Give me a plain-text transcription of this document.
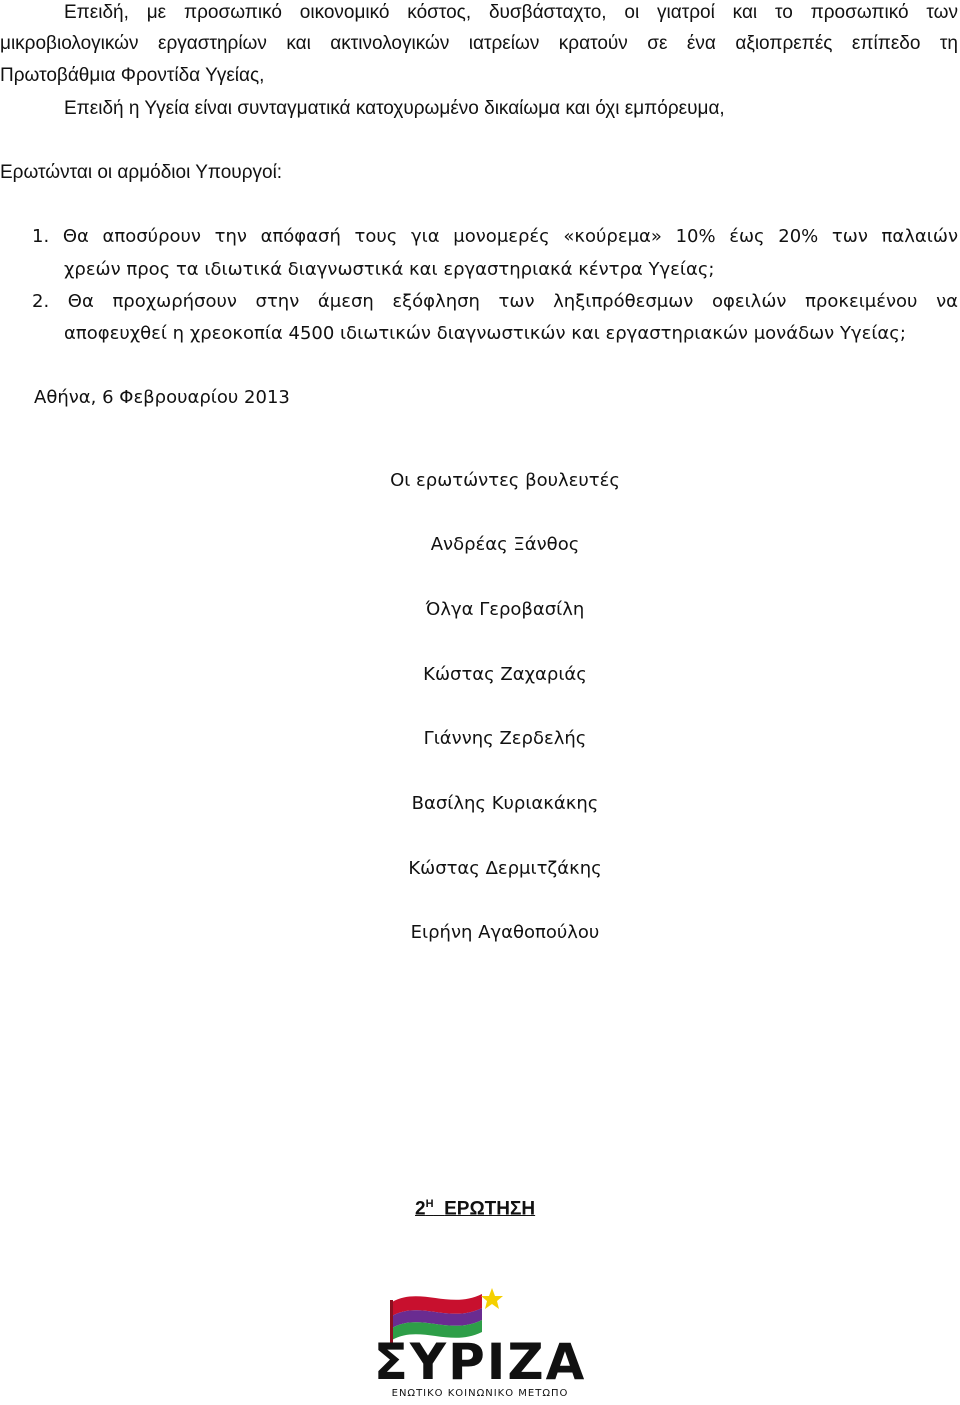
Επειδή, με προσωπικό οικονομικό κόστος, δυσβάσταχτο, οι γιατροί και το προσωπικό των

μικροβιολογικών εργαστηρίων και ακτινολογικών ιατρείων κρατούν σε ένα αξιοπρεπές επίπεδο τη

Πρωτοβάθμια Φροντίδα Υγείας,

Επειδή η Υγεία είναι συνταγματικά κατοχυρωμένο δικαίωμα και όχι εμπόρευμα,

Ερωτώνται οι αρμόδιοι Υπουργοί:

1. Θα αποσύρουν την απόφασή τους για μονομερές «κούρεμα» 10% έως 20% των παλαιών

χρεών προς τα ιδιωτικά διαγνωστικά και εργαστηριακά κέντρα Υγείας;

2. Θα προχωρήσουν στην άμεση εξόφληση των ληξιπρόθεσμων οφειλών προκειμένου να

αποφευχθεί η χρεοκοπία 4500 ιδιωτικών διαγνωστικών και εργαστηριακών μονάδων Υγείας;

Αθήνα, 6 Φεβρουαρίου 2013

Οι ερωτώντες βουλευτές

Ανδρέας Ξάνθος

Όλγα Γεροβασίλη

Κώστας Ζαχαριάς

Γιάννης Ζερδελής

Βασίλης Κυριακάκης

Κώστας Δερμιτζάκης

Ειρήνη Αγαθοπούλου

$2^H$ ΕΡΩΤΗΣΗ
ΣΥΡΙΖΑ
ΕΝΩΤΙΚΟ ΚΟΙΝΩΝΙΚΟ ΜΕΤΩΠΟ
